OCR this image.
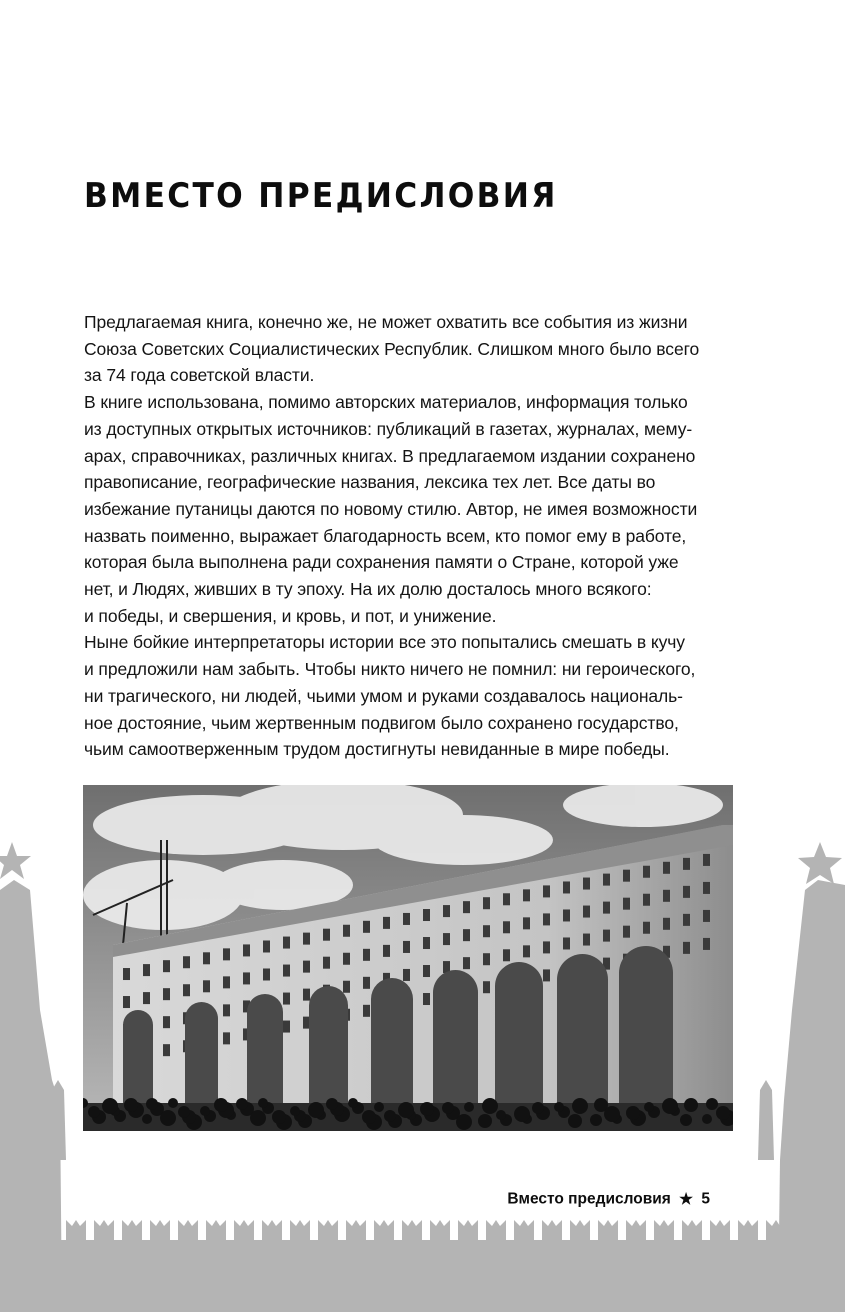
ВМЕСТО ПРЕДИСЛОВИЯ

Предлагаемая книга, конечно же, не может охватить все события из жизни

Союза Советских Социалистических Республик. Слишком много было всего

за 74 года советской власти.

В книге использована, помимо авторских материалов, информация только

из доступных открытых источников: публикаций в газетах, журналах, мему-

арах, справочниках, различных книгах. В предлагаемом издании сохранено

правописание, географические названия, лексика тех лет. Все даты во

избежание путаницы даются по новому стилю. Автор, не имея возможности

назвать поименно, выражает благодарность всем, кто помог ему в работе,

которая была выполнена ради сохранения памяти о Стране, которой уже

нет, и Людях, живших в ту эпоху. На их долю досталось много всякого:

и победы, и свершения, и кровь, и пот, и унижение.

Ныне бойкие интерпретаторы истории все это попытались смешать в кучу

и предложили нам забыть. Чтобы никто ничего не помнил: ни героического,

ни трагического, ни людей, чьими умом и руками создавалось националь-

ное достояние, чьим жертвенным подвигом было сохранено государство,

чьим самоотверженным трудом достигнуты невиданные в мире победы.

Вместо предисловия ★ 5
